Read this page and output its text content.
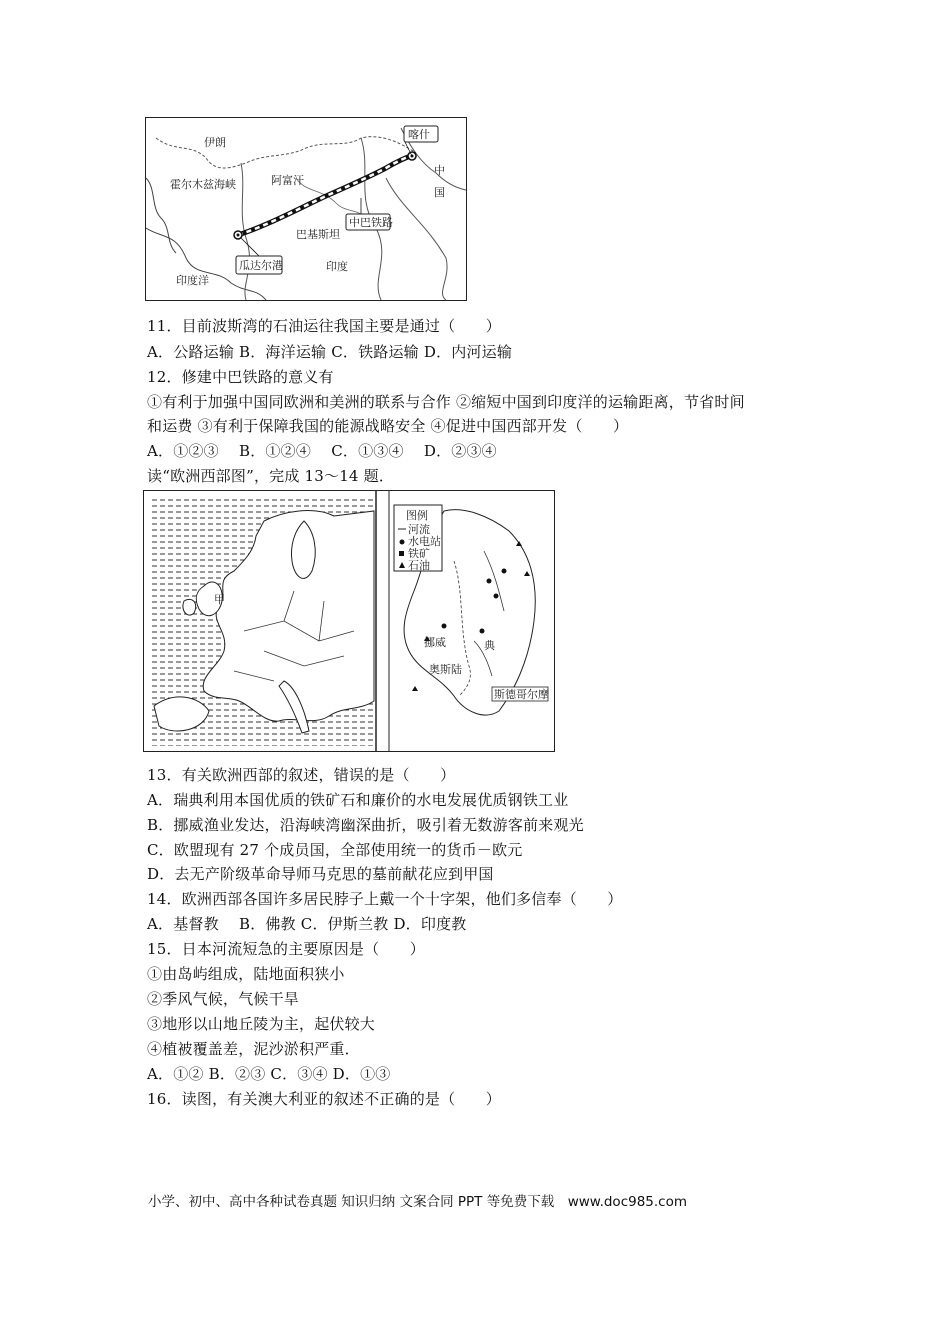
伊朗
阿富汗
喀什
中
国
霍尔木兹海峡
巴基斯坦
中巴铁路
瓜达尔港	印度
印度洋
甲
图例
河流
水电站
铁矿
石油
挪威	典
奥斯陆
斯德哥尔摩
11．目前波斯湾的石油运往我国主要是通过（　　）
A．公路运输 B．海洋运输 C．铁路运输 D．内河运输
12．修建中巴铁路的意义有
①有利于加强中国同欧洲和美洲的联系与合作 ②缩短中国到印度洋的运输距离，节省时间
和运费 ③有利于保障我国的能源战略安全 ④促进中国西部开发（　　）
A．①②③　 B．①②④　 C．①③④　 D．②③④
读“欧洲西部图”，完成 13～14 题．
13．有关欧洲西部的叙述，错误的是（　　）
A．瑞典利用本国优质的铁矿石和廉价的水电发展优质钢铁工业
B．挪威渔业发达，沿海峡湾幽深曲折，吸引着无数游客前来观光
C．欧盟现有 27 个成员国，全部使用统一的货币－欧元
D．去无产阶级革命导师马克思的墓前献花应到甲国
14．欧洲西部各国许多居民脖子上戴一个十字架，他们多信奉（　　）
A．基督教　 B．佛教 C．伊斯兰教 D．印度教
15．日本河流短急的主要原因是（　　）
①由岛屿组成，陆地面积狭小
②季风气候，气候干旱
③地形以山地丘陵为主，起伏较大
④植被覆盖差，泥沙淤积严重．
A．①② B．②③ C．③④ D．①③
16．读图，有关澳大利亚的叙述不正确的是（　　）
小学、初中、高中各种试卷真题 知识归纳 文案合同 PPT 等免费下载　www.doc985.com
